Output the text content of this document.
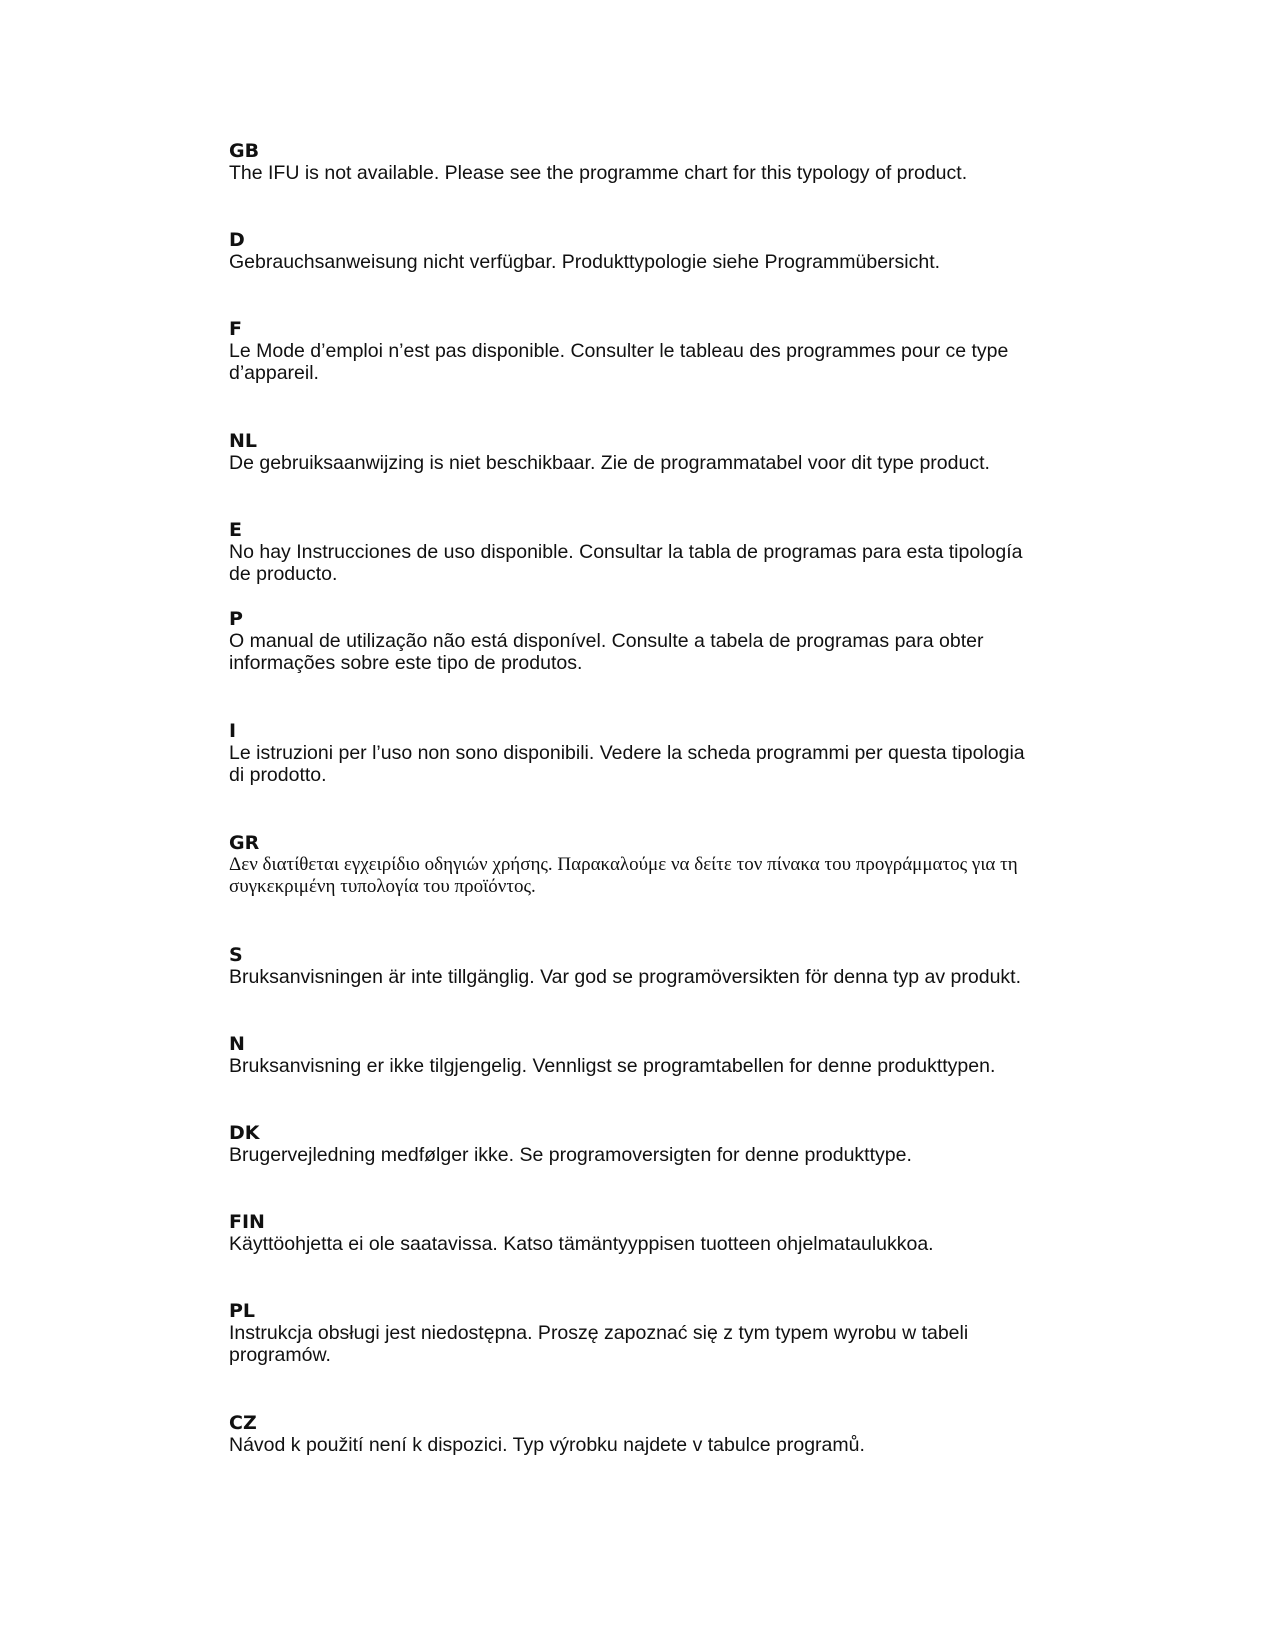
GB
The IFU is not available. Please see the programme chart for this typology of product.
D
Gebrauchsanweisung nicht verfügbar. Produkttypologie siehe Programmübersicht.
F
Le Mode d’emploi n’est pas disponible. Consulter le tableau des programmes pour ce type d’appareil.
NL
De gebruiksaanwijzing is niet beschikbaar. Zie de programmatabel voor dit type product.
E
No hay Instrucciones de uso disponible. Consultar la tabla de programas para esta tipología de producto.
P
O manual de utilização não está disponível. Consulte a tabela de programas para obter informações sobre este tipo de produtos.
I
Le istruzioni per l’uso non sono disponibili. Vedere la scheda programmi per questa tipologia di prodotto.
GR
Δεν διατίθεται εγχειρίδιο οδηγιών χρήσης. Παρακαλούμε να δείτε τον πίνακα του προγράμματος για τη συγκεκριμένη τυπολογία του προϊόντος.
S
Bruksanvisningen är inte tillgänglig. Var god se programöversikten för denna typ av produkt.
N
Bruksanvisning er ikke tilgjengelig. Vennligst se programtabellen for denne produkttypen.
DK
Brugervejledning medfølger ikke. Se programoversigten for denne produkttype.
FIN
Käyttöohjetta ei ole saatavissa. Katso tämäntyyppisen tuotteen ohjelmataulukkoa.
PL
Instrukcja obsługi jest niedostępna. Proszę zapoznać się z tym typem wyrobu w tabeli programów.
CZ
Návod k použití není k dispozici. Typ výrobku najdete v tabulce programů.
